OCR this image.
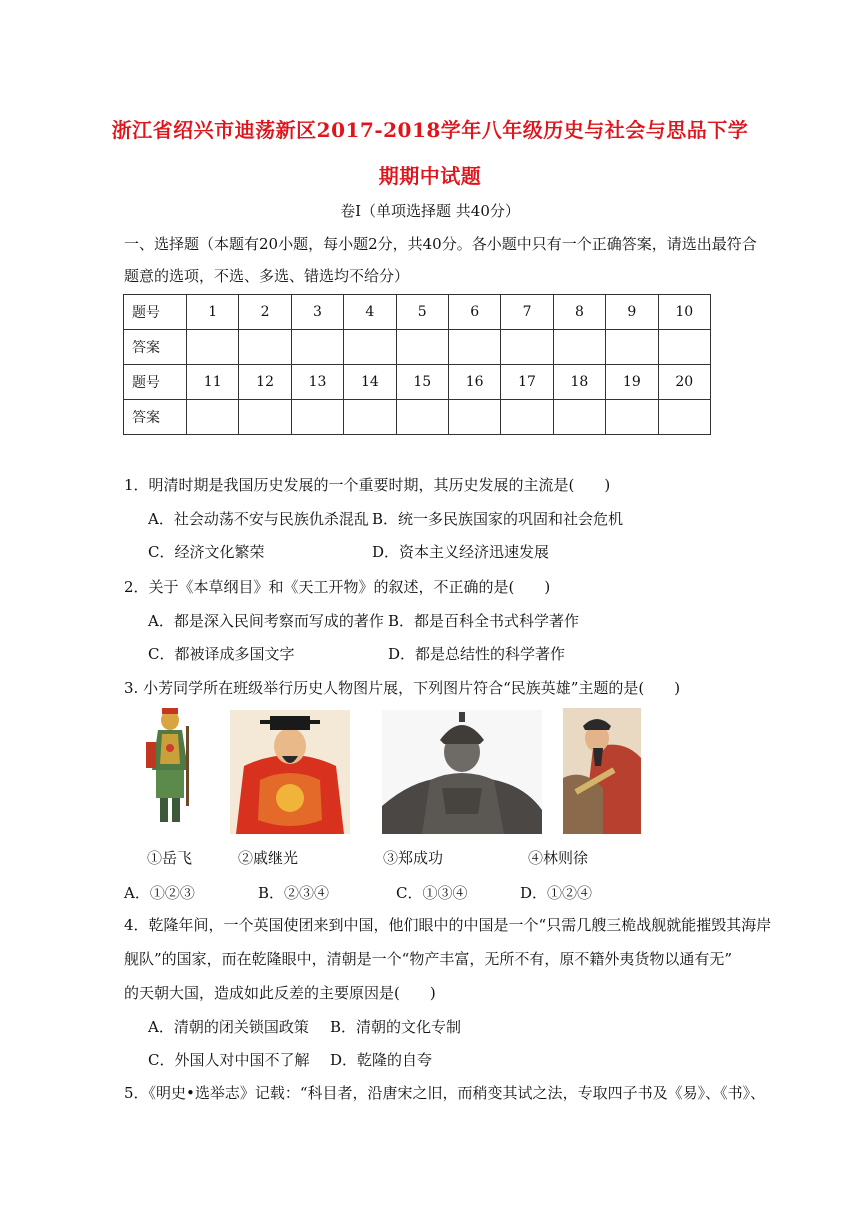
浙江省绍兴市迪荡新区2017-2018学年八年级历史与社会与思品下学
期期中试题
卷Ⅰ（单项选择题 共40分）
一、选择题（本题有20小题，每小题2分，共40分。各小题中只有一个正确答案，请选出最符合
题意的选项，不选、多选、错选均不给分）
题号	1	2	3	4	5	6	7	8	9	10
答案										
题号	11	12	13	14	15	16	17	18	19	20
答案										
1．明清时期是我国历史发展的一个重要时期，其历史发展的主流是(　　)
A．社会动荡不安与民族仇杀混乱 B．统一多民族国家的巩固和社会危机
C．经济文化繁荣	D．资本主义经济迅速发展
2．关于《本草纲目》和《天工开物》的叙述，不正确的是(　　)
A．都是深入民间考察而写成的著作 B．都是百科全书式科学著作
C．都被译成多国文字	D．都是总结性的科学著作
3. 小芳同学所在班级举行历史人物图片展，下列图片符合“民族英雄”主题的是(　　)
①岳飞	②戚继光	③郑成功	④林则徐
A．①②③	B．②③④	C．①③④	D．①②④
4．乾隆年间，一个英国使团来到中国，他们眼中的中国是一个“只需几艘三桅战舰就能摧毁其海岸
舰队”的国家，而在乾隆眼中，清朝是一个“物产丰富，无所不有，原不籍外夷货物以通有无”
的天朝大国，造成如此反差的主要原因是(　　)
A．清朝的闭关锁国政策 B．清朝的文化专制
C．外国人对中国不了解 D．乾隆的自夸
5．《明史•选举志》记载：“科目者，沿唐宋之旧，而稍变其试之法，专取四子书及《易》、《书》、
